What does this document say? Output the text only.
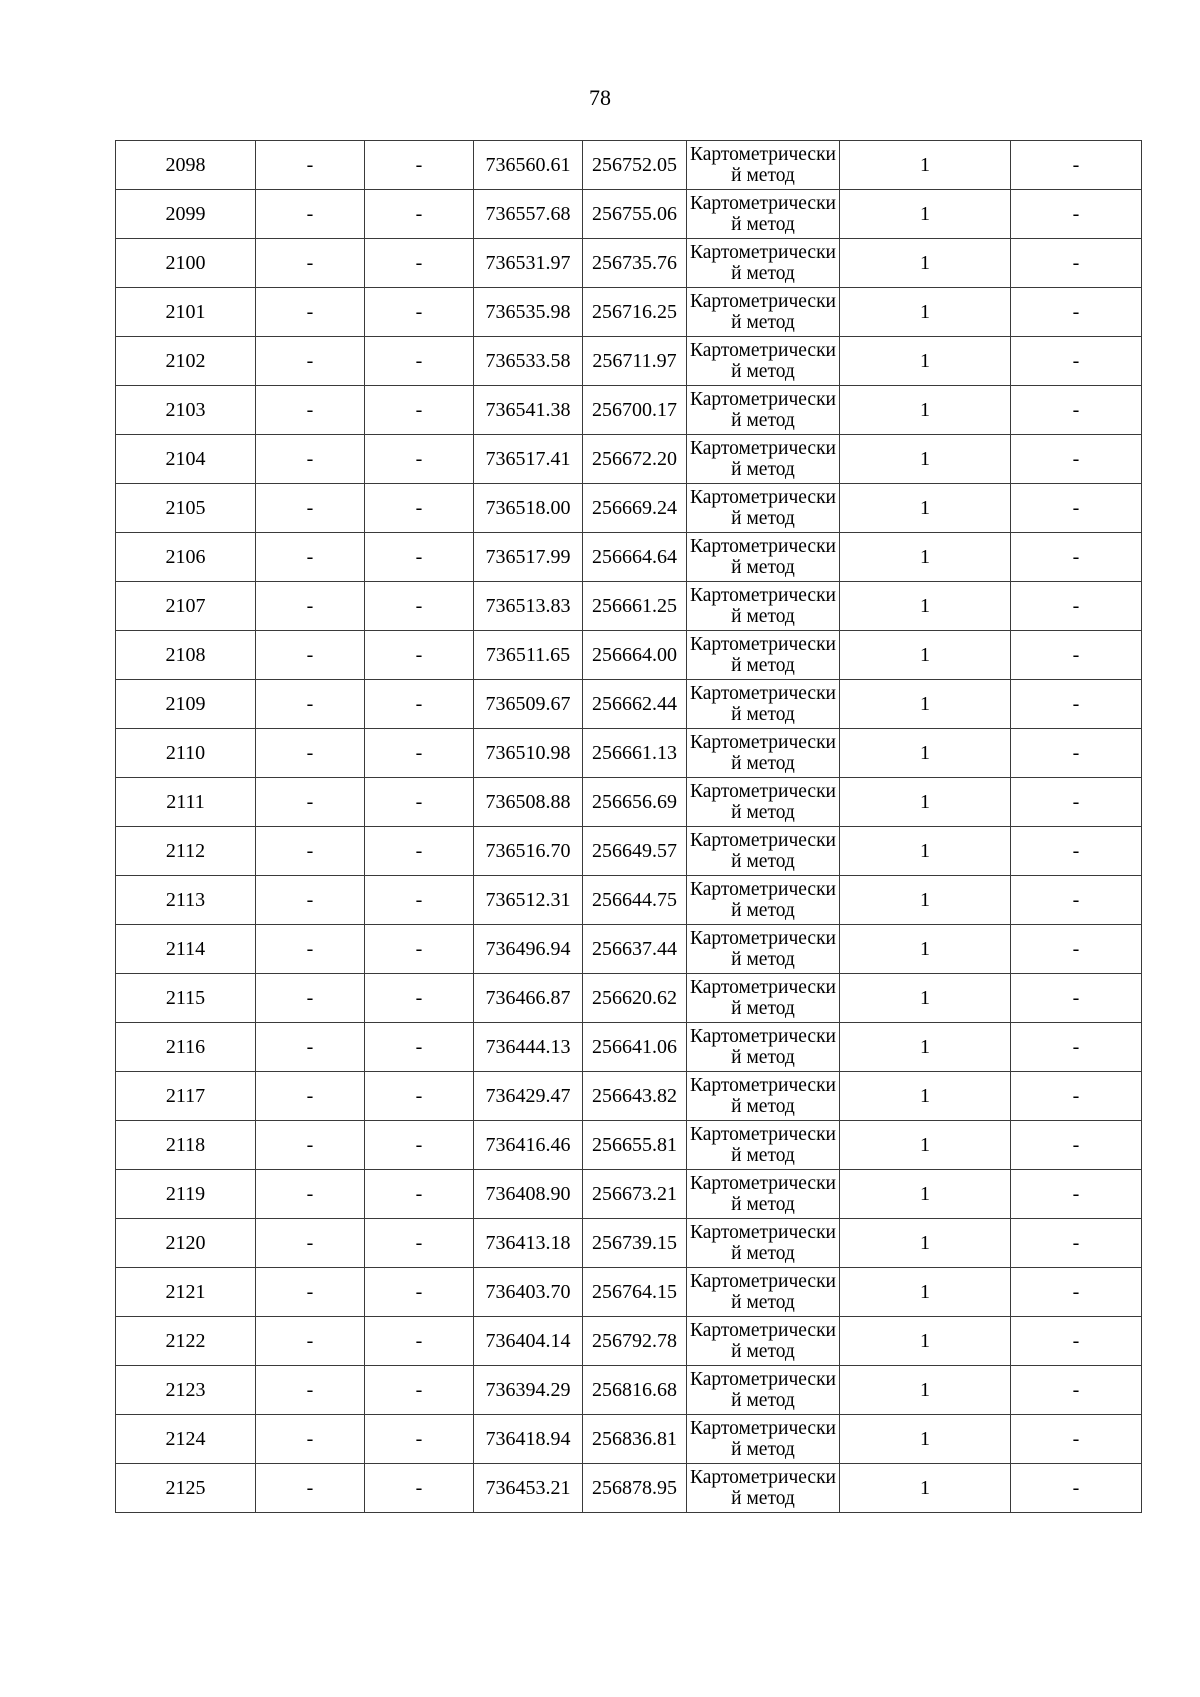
78
2098	-	-	736560.61	256752.05	Картометрический метод	1	-
2099	-	-	736557.68	256755.06	Картометрический метод	1	-
2100	-	-	736531.97	256735.76	Картометрический метод	1	-
2101	-	-	736535.98	256716.25	Картометрический метод	1	-
2102	-	-	736533.58	256711.97	Картометрический метод	1	-
2103	-	-	736541.38	256700.17	Картометрический метод	1	-
2104	-	-	736517.41	256672.20	Картометрический метод	1	-
2105	-	-	736518.00	256669.24	Картометрический метод	1	-
2106	-	-	736517.99	256664.64	Картометрический метод	1	-
2107	-	-	736513.83	256661.25	Картометрический метод	1	-
2108	-	-	736511.65	256664.00	Картометрический метод	1	-
2109	-	-	736509.67	256662.44	Картометрический метод	1	-
2110	-	-	736510.98	256661.13	Картометрический метод	1	-
2111	-	-	736508.88	256656.69	Картометрический метод	1	-
2112	-	-	736516.70	256649.57	Картометрический метод	1	-
2113	-	-	736512.31	256644.75	Картометрический метод	1	-
2114	-	-	736496.94	256637.44	Картометрический метод	1	-
2115	-	-	736466.87	256620.62	Картометрический метод	1	-
2116	-	-	736444.13	256641.06	Картометрический метод	1	-
2117	-	-	736429.47	256643.82	Картометрический метод	1	-
2118	-	-	736416.46	256655.81	Картометрический метод	1	-
2119	-	-	736408.90	256673.21	Картометрический метод	1	-
2120	-	-	736413.18	256739.15	Картометрический метод	1	-
2121	-	-	736403.70	256764.15	Картометрический метод	1	-
2122	-	-	736404.14	256792.78	Картометрический метод	1	-
2123	-	-	736394.29	256816.68	Картометрический метод	1	-
2124	-	-	736418.94	256836.81	Картометрический метод	1	-
2125	-	-	736453.21	256878.95	Картометрический метод	1	-
